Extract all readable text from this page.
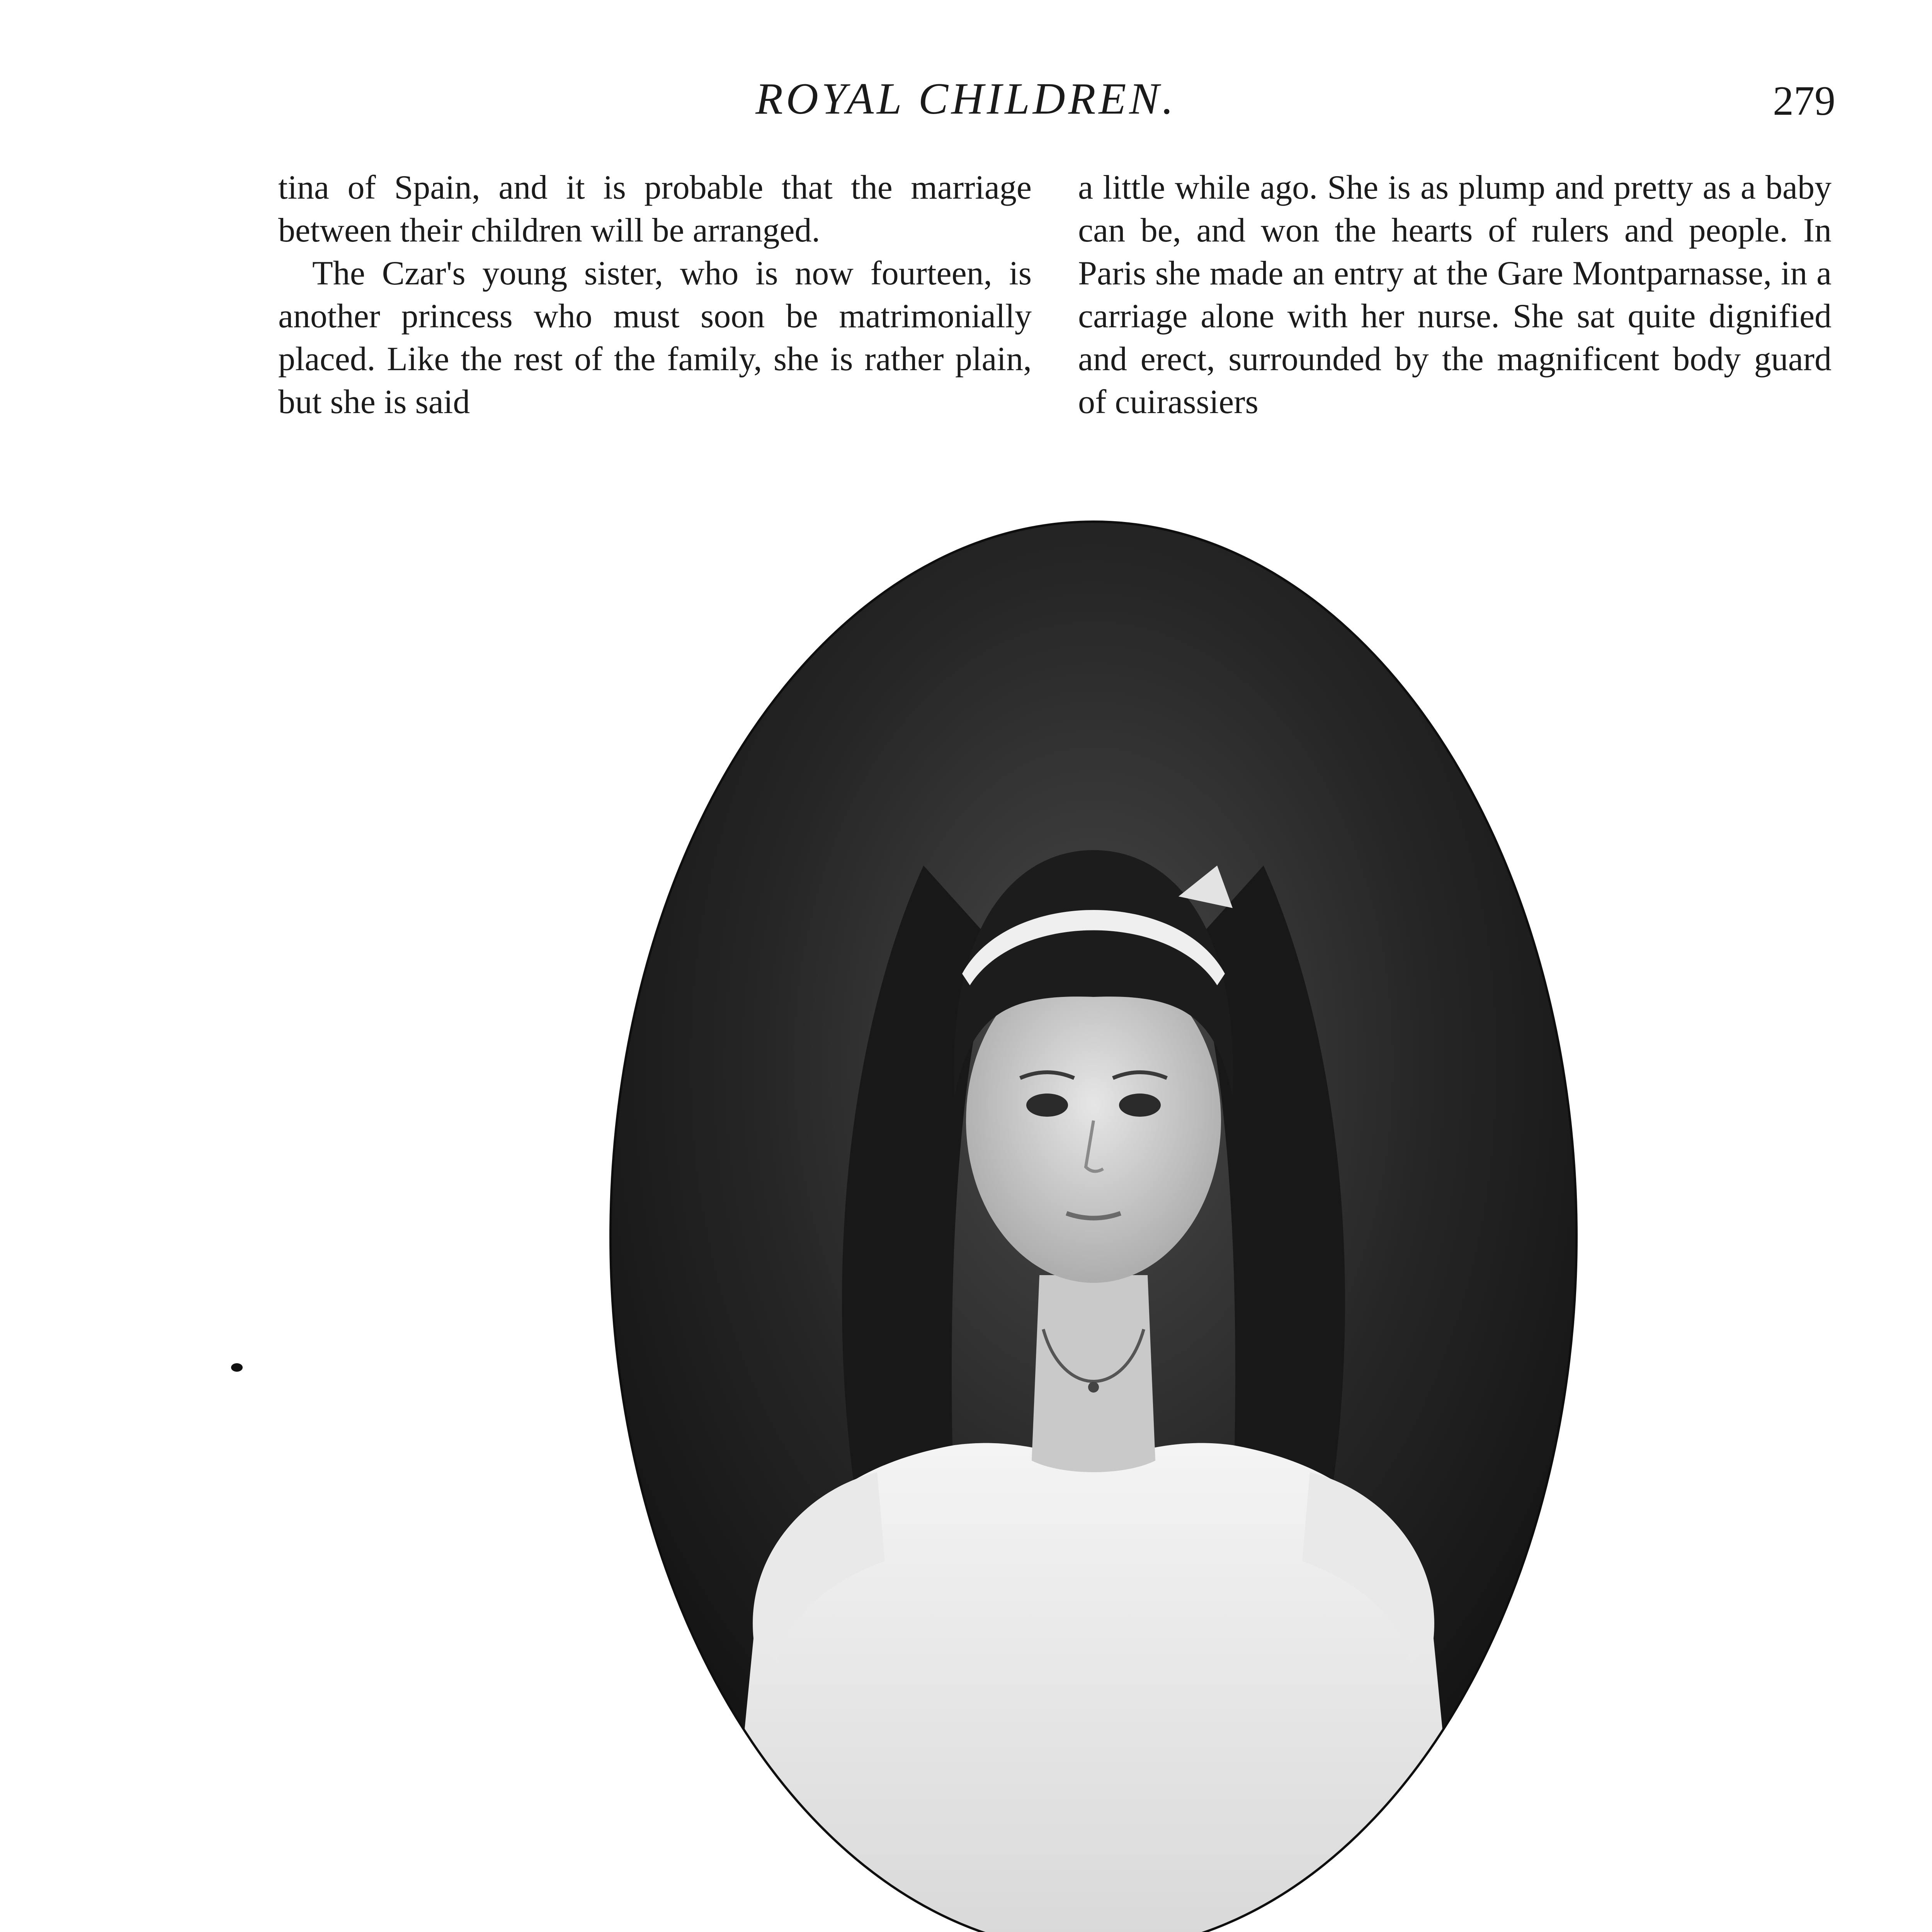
ROYAL CHILDREN.	279

tina of Spain, and it is probable that the marriage between their children will be arranged.

The Czar's young sister, who is now fourteen, is another princess who must soon be matrimonially placed. Like the rest of the family, she is rather plain, but she is said

a little while ago. She is as plump and pretty as a baby can be, and won the hearts of rulers and people. In Paris she made an entry at the Gare Montparnasse, in a carriage alone with her nurse. She sat quite dignified and erect, surrounded by the magnificent body guard of cuirassiers
